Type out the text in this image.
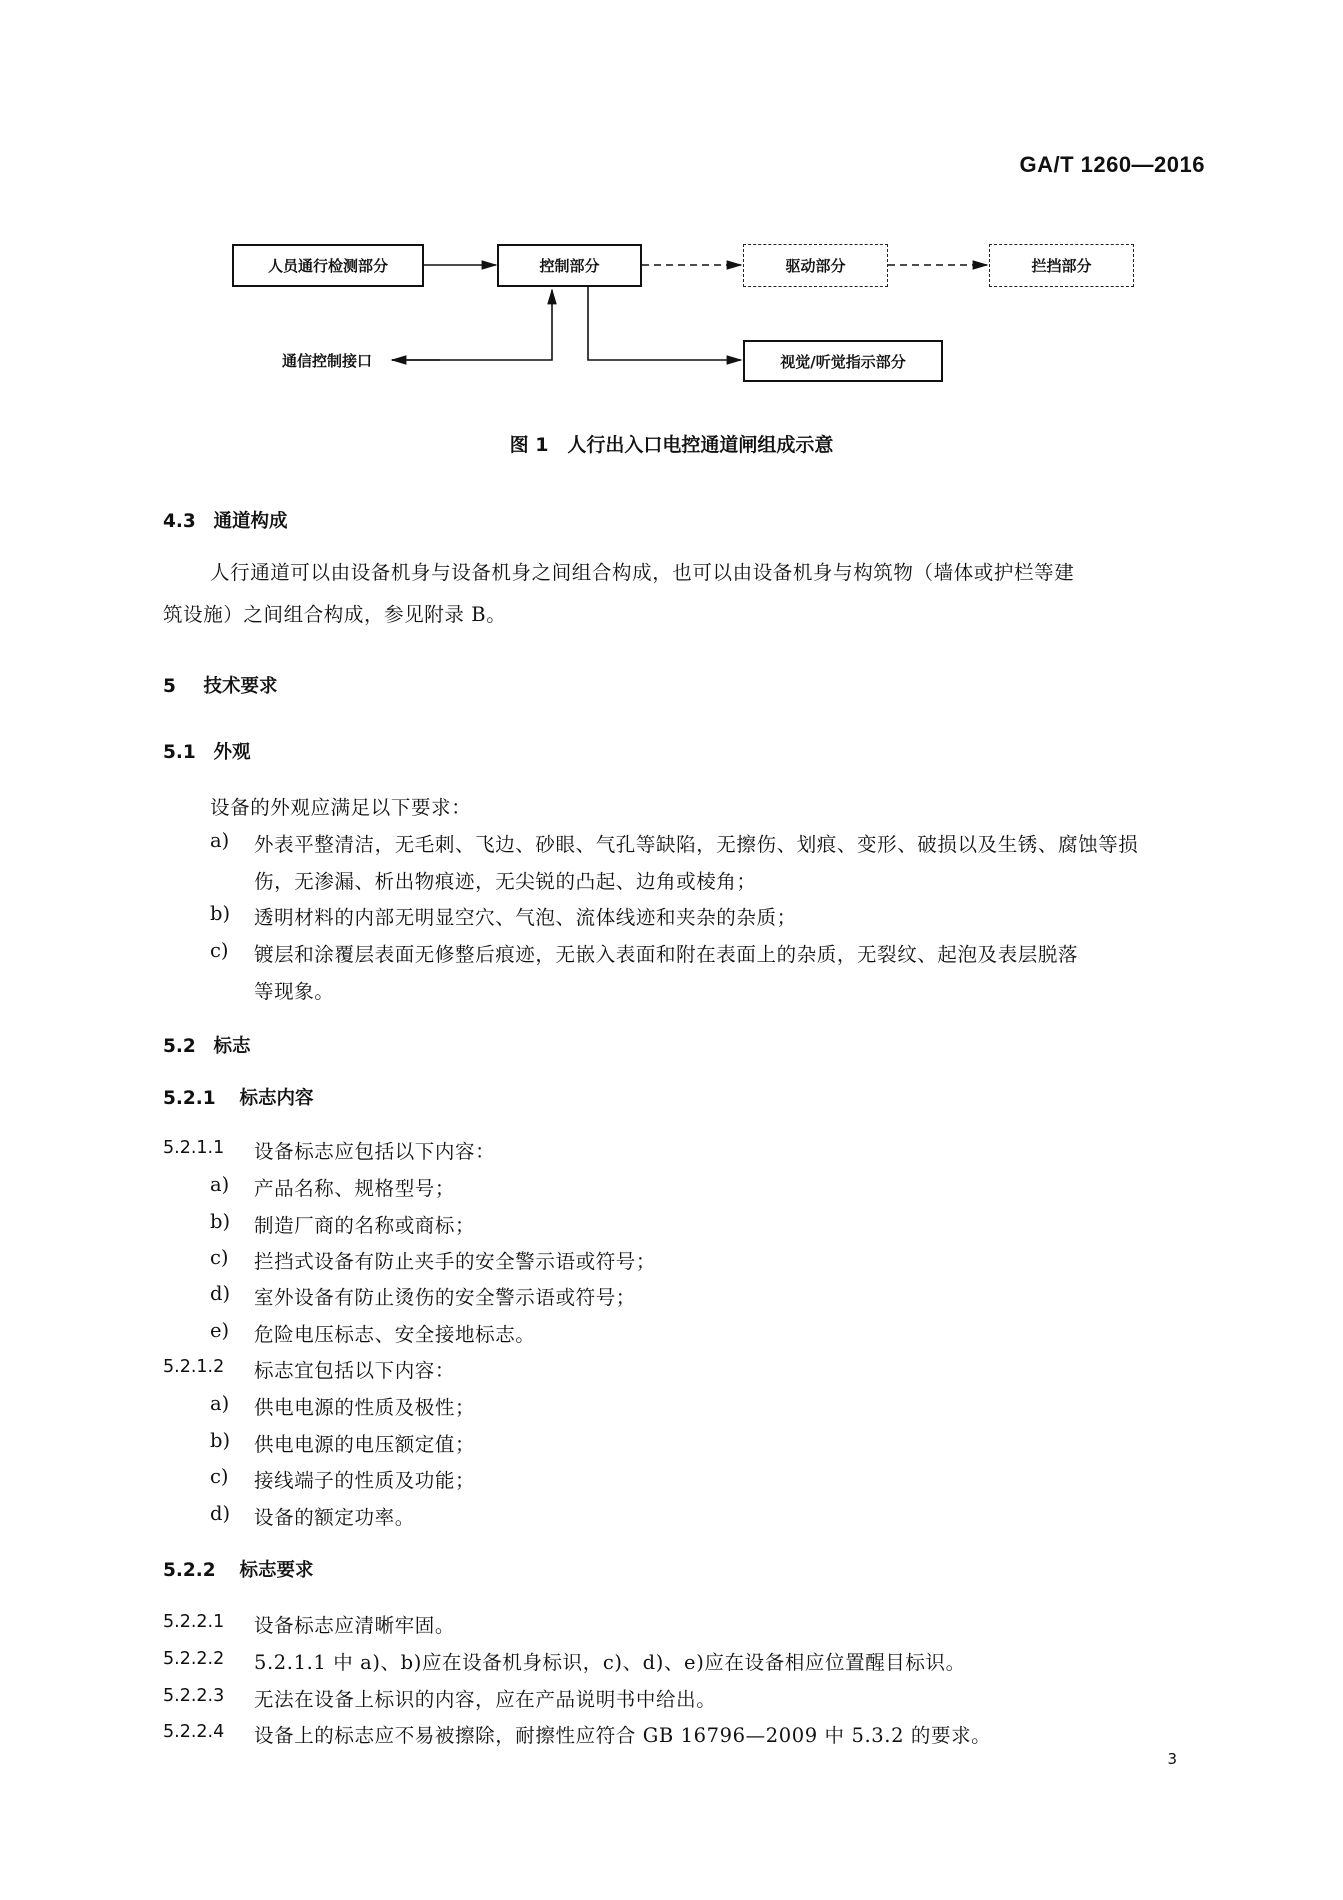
GA/T 1260—2016
人员通行检测部分	控制部分	驱动部分	拦挡部分
视觉/听觉指示部分
通信控制接口
图 1　人行出入口电控通道闸组成示意
4.3 通道构成
人行通道可以由设备机身与设备机身之间组合构成，也可以由设备机身与构筑物（墙体或护栏等建
筑设施）之间组合构成，参见附录 B。
5 技术要求
5.1 外观
设备的外观应满足以下要求：
a) 外表平整清洁，无毛刺、飞边、砂眼、气孔等缺陷，无擦伤、划痕、变形、破损以及生锈、腐蚀等损
伤，无渗漏、析出物痕迹，无尖锐的凸起、边角或棱角；
b) 透明材料的内部无明显空穴、气泡、流体线迹和夹杂的杂质；
c) 镀层和涂覆层表面无修整后痕迹，无嵌入表面和附在表面上的杂质，无裂纹、起泡及表层脱落
等现象。
5.2 标志
5.2.1 标志内容
5.2.1.1 设备标志应包括以下内容：
a) 产品名称、规格型号；
b) 制造厂商的名称或商标；
c) 拦挡式设备有防止夹手的安全警示语或符号；
d) 室外设备有防止烫伤的安全警示语或符号；
e) 危险电压标志、安全接地标志。
5.2.1.2 标志宜包括以下内容：
a) 供电电源的性质及极性；
b) 供电电源的电压额定值；
c) 接线端子的性质及功能；
d) 设备的额定功率。
5.2.2 标志要求
5.2.2.1 设备标志应清晰牢固。
5.2.2.2 5.2.1.1 中 a)、b)应在设备机身标识，c)、d)、e)应在设备相应位置醒目标识。
5.2.2.3 无法在设备上标识的内容，应在产品说明书中给出。
5.2.2.4 设备上的标志应不易被擦除，耐擦性应符合 GB 16796—2009 中 5.3.2 的要求。
3
